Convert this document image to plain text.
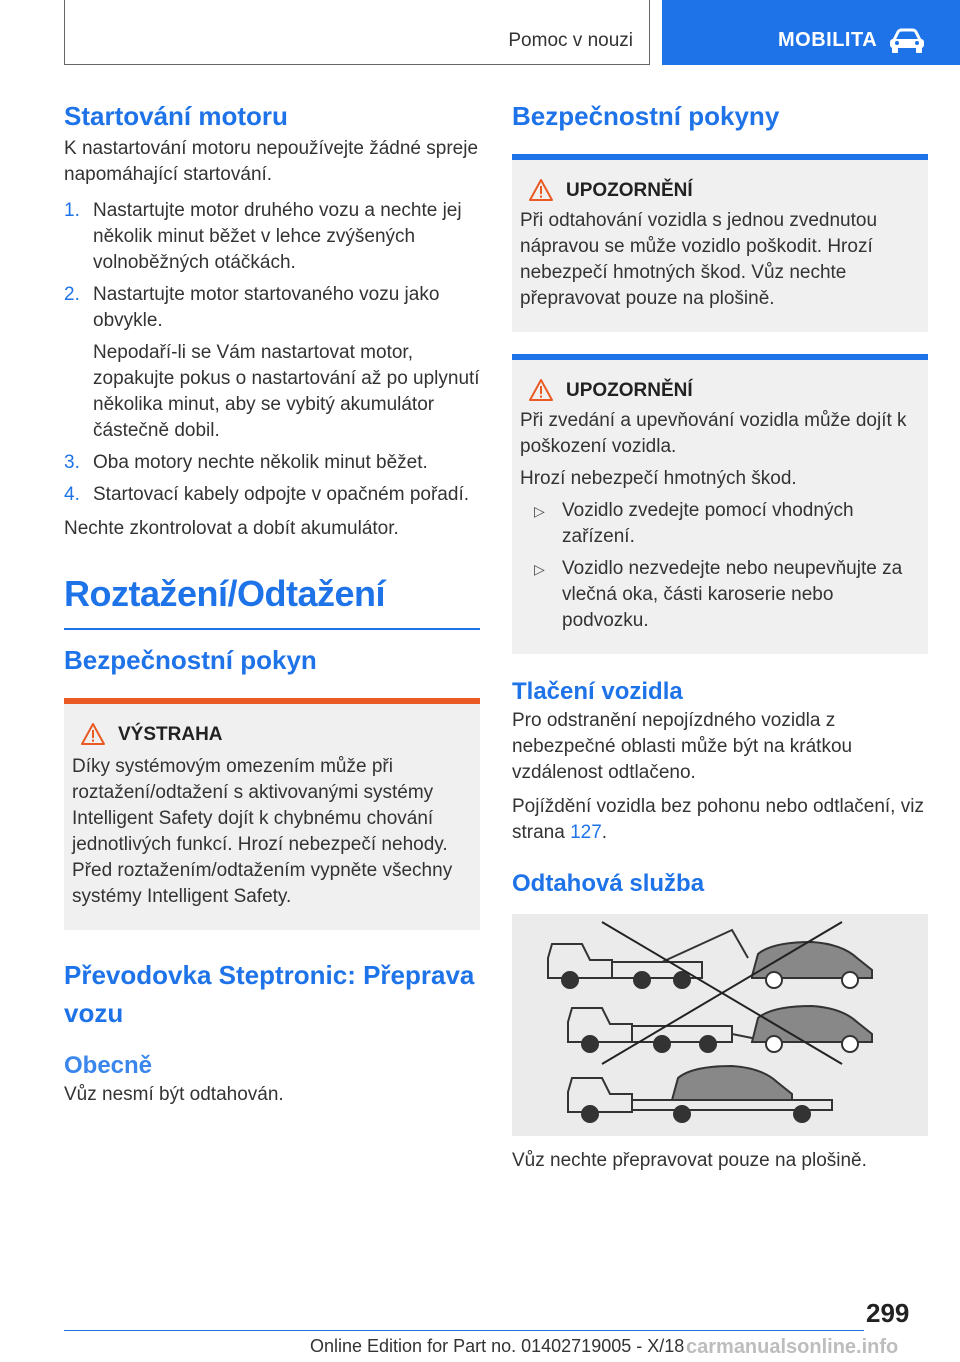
Pomoc v nouzi	MOBILITA
Startování motoru
K nastartování motoru nepoužívejte žádné spreje napomáhající startování.
1. Nastartujte motor druhého vozu a nechte jej několik minut běžet v lehce zvýšených volnoběžných otáčkách.
2. Nastartujte motor startovaného vozu jako obvykle.
Nepodaří-li se Vám nastartovat motor, zopakujte pokus o nastartování až po uplynutí několika minut, aby se vybitý akumulátor částečně dobil.
3. Oba motory nechte několik minut běžet.
4. Startovací kabely odpojte v opačném pořadí.
Nechte zkontrolovat a dobít akumulátor.
Roztažení/Odtažení
Bezpečnostní pokyn
VÝSTRAHA
Díky systémovým omezením může při roztažení/odtažení s aktivovanými systémy Intelligent Safety dojít k chybnému chování jednotlivých funkcí. Hrozí nebezpečí nehody. Před roztažením/odtažením vypněte všechny systémy Intelligent Safety.
Převodovka Steptronic: Přeprava vozu
Obecně
Vůz nesmí být odtahován.
Bezpečnostní pokyny
UPOZORNĚNÍ
Při odtahování vozidla s jednou zvednutou nápravou se může vozidlo poškodit. Hrozí nebezpečí hmotných škod. Vůz nechte přepravovat pouze na plošině.
UPOZORNĚNÍ
Při zvedání a upevňování vozidla může dojít k poškození vozidla.
Hrozí nebezpečí hmotných škod.
▷ Vozidlo zvedejte pomocí vhodných zařízení.
▷ Vozidlo nezvedejte nebo neupevňujte za vlečná oka, části karoserie nebo podvozku.
Tlačení vozidla
Pro odstranění nepojízdného vozidla z nebezpečné oblasti může být na krátkou vzdálenost odtlačeno.
Pojíždění vozidla bez pohonu nebo odtlačení, viz strana 127.
Odtahová služba
Vůz nechte přepravovat pouze na plošině.
299
Online Edition for Part no. 01402719005 - X/18 carmanualsonline.info
